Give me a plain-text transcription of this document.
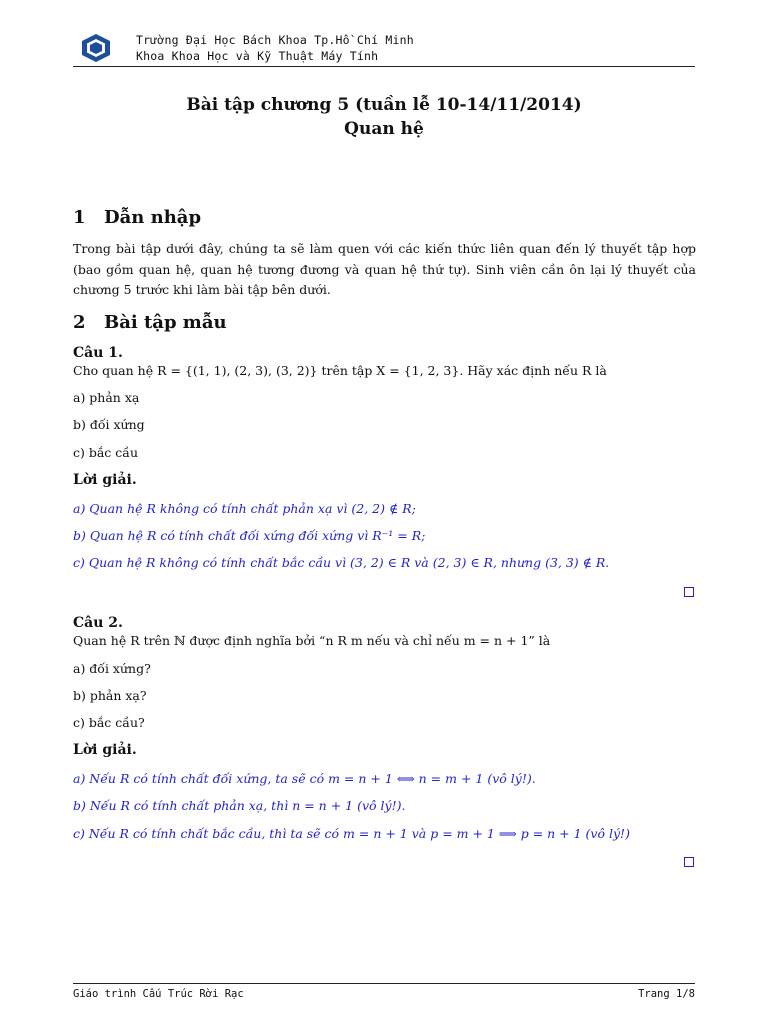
Trường Đại Học Bách Khoa Tp.Hồ Chí Minh
Khoa Khoa Học và Kỹ Thuật Máy Tính
Bài tập chương 5 (tuần lễ 10-14/11/2014)
Quan hệ
1 Dẫn nhập
Trong bài tập dưới đây, chúng ta sẽ làm quen với các kiến thức liên quan đến lý thuyết tập hợp (bao gồm quan hệ, quan hệ tương đương và quan hệ thứ tự). Sinh viên cần ôn lại lý thuyết của chương 5 trước khi làm bài tập bên dưới.
2 Bài tập mẫu
Câu 1.
Cho quan hệ R = {(1, 1), (2, 3), (3, 2)} trên tập X = {1, 2, 3}. Hãy xác định nếu R là
a) phản xạ
b) đối xứng
c) bắc cầu
Lời giải.
a) Quan hệ R không có tính chất phản xạ vì (2, 2) ∉ R;
b) Quan hệ R có tính chất đối xứng đối xứng vì R⁻¹ = R;
c) Quan hệ R không có tính chất bắc cầu vì (3, 2) ∈ R và (2, 3) ∈ R, nhưng (3, 3) ∉ R.
Câu 2.
Quan hệ R trên ℕ được định nghĩa bởi “n R m nếu và chỉ nếu m = n + 1” là
a) đối xứng?
b) phản xạ?
c) bắc cầu?
Lời giải.
a) Nếu R có tính chất đối xứng, ta sẽ có m = n + 1 ⟺ n = m + 1 (vô lý!).
b) Nếu R có tính chất phản xạ, thì n = n + 1 (vô lý!).
c) Nếu R có tính chất bắc cầu, thì ta sẽ có m = n + 1 và p = m + 1 ⟹ p = n + 1 (vô lý!)
Giáo trình Cấu Trúc Rời Rạc	Trang 1/8
